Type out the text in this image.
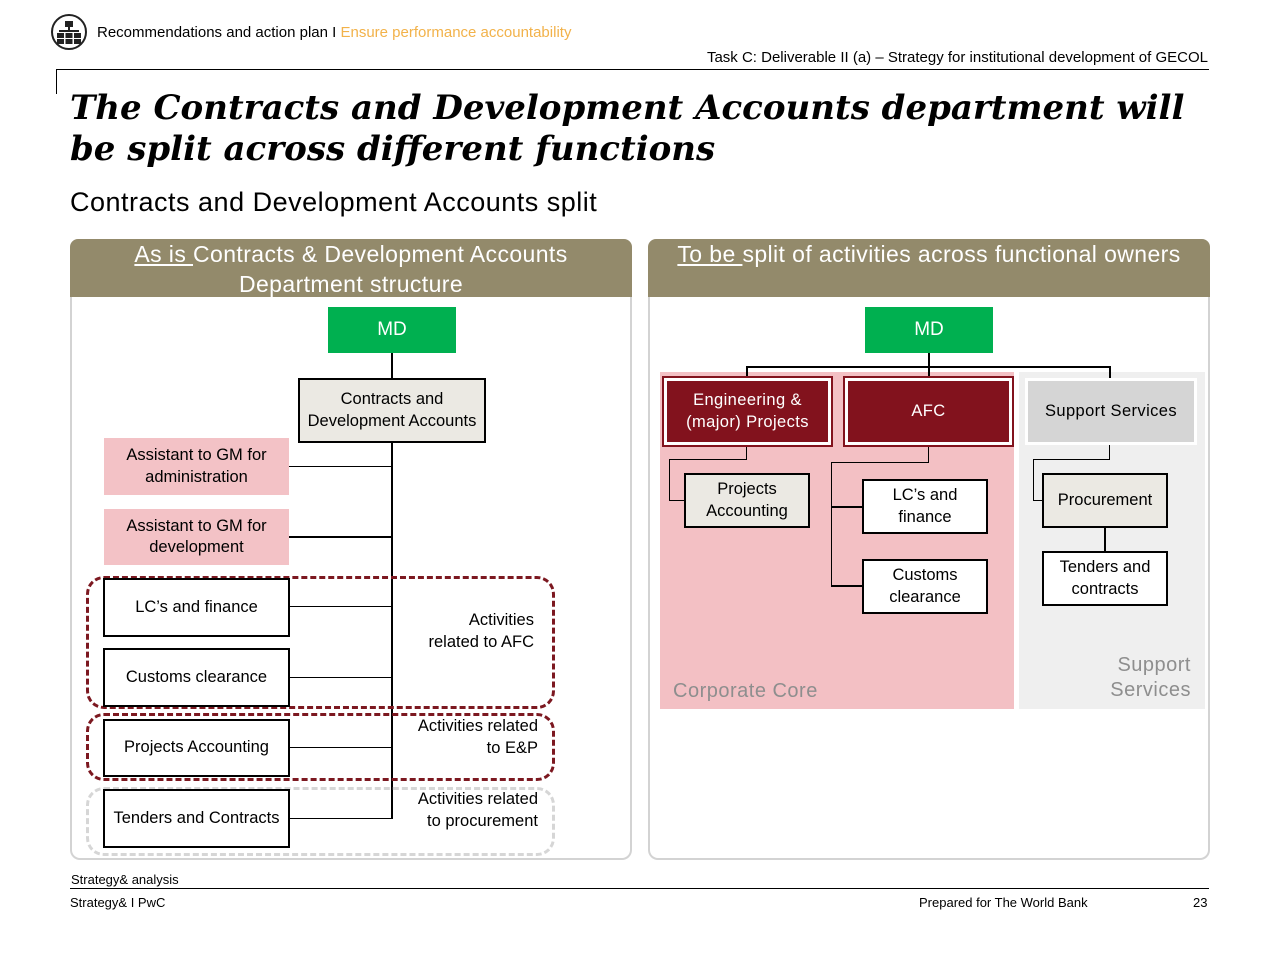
Recommendations and action plan I Ensure performance accountability
Task C: Deliverable II (a) – Strategy for institutional development of GECOL
The Contracts and Development Accounts department will be split across different functions
Contracts and Development Accounts split
As is Contracts & Development Accounts Department structure
MD
Contracts and Development Accounts
Assistant to GM for administration
Assistant to GM for development
LC’s and finance
Customs clearance
Projects Accounting
Tenders and Contracts
Activities related to AFC
Activities related to E&P
Activities related to procurement
To be split of activities across functional owners
MD
Engineering & (major) Projects
AFC	Support Services
Projects Accounting
LC’s and finance
Customs clearance
Procurement
Tenders and contracts
Corporate Core
Support Services
Strategy& analysis
Strategy& I PwC	Prepared for The World Bank	23
